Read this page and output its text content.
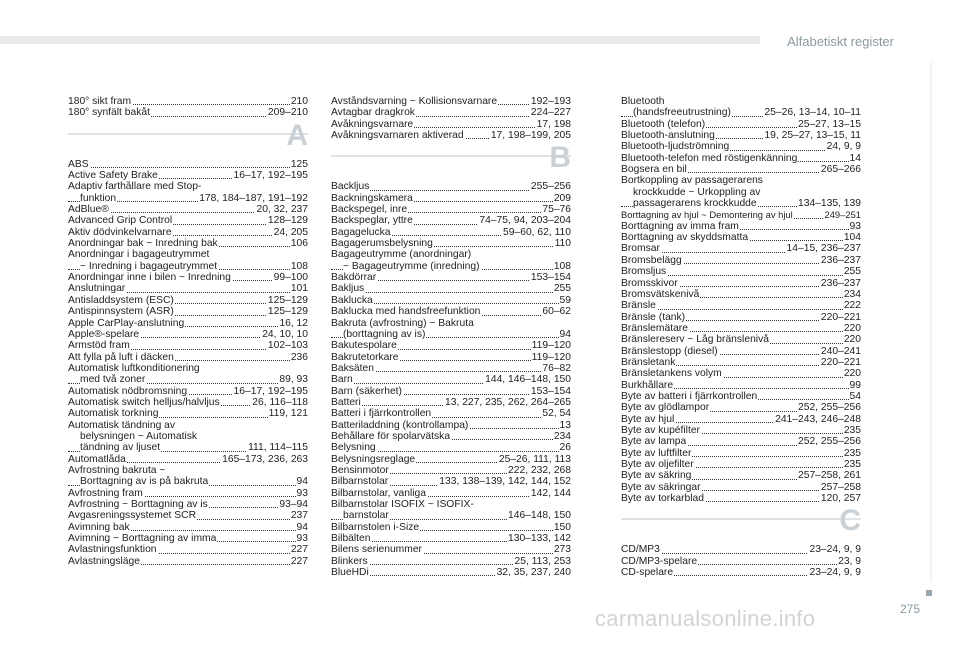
Alfabetiskt register
180° sikt fram	210
180° synfält bakåt	209–210
A
ABS	125
Active Safety Brake	16–17, 192–195
Adaptiv farthållare med Stop-
funktion	178, 184–187, 191–192
AdBlue®	20, 32, 237
Advanced Grip Control	128–129
Aktiv dödvinkelvarnare	24, 205
Anordningar bak ~ Inredning bak	106
Anordningar i bagageutrymmet
~ Inredning i bagageutrymmet	108
Anordningar inne i bilen ~ Inredning	99–100
Anslutningar	101
Antisladdsystem (ESC)	125–129
Antispinnsystem (ASR)	125–129
Apple CarPlay-anslutning	16, 12
Apple®-spelare	24, 10, 10
Armstöd fram	102–103
Att fylla på luft i däcken	236
Automatisk luftkonditionering
med två zoner	89, 93
Automatisk nödbromsning	16–17, 192–195
Automatisk switch helljus/halvljus	26, 116–118
Automatisk torkning	119, 121
Automatisk tändning av
belysningen ~ Automatisk
tändning av ljuset	111, 114–115
Automatlåda	165–173, 236, 263
Avfrostning bakruta ~
Borttagning av is på bakruta	94
Avfrostning fram	93
Avfrostning ~ Borttagning av is	93–94
Avgasreningssystemet SCR	237
Avimning bak	94
Avimning ~ Borttagning av imma	93
Avlastningsfunktion	227
Avlastningsläge	227
Avståndsvarning ~ Kollisionsvarnare	192–193
Avtagbar dragkrok	224–227
Avåkningsvarnare	17, 198
Avåkningsvarnaren aktiverad	17, 198–199, 205
B
Backljus	255–256
Backningskamera	209
Backspegel, inre	75–76
Backspeglar, yttre	74–75, 94, 203–204
Bagagelucka	59–60, 62, 110
Bagagerumsbelysning	110
Bagageutrymme (anordningar)
~ Bagageutrymme (inredning)	108
Bakdörrar	153–154
Bakljus	255
Baklucka	59
Baklucka med handsfreefunktion	60–62
Bakruta (avfrostning) ~ Bakruta
(borttagning av is)	94
Bakutespolare	119–120
Bakrutetorkare	119–120
Baksäten	76–82
Barn	144, 146–148, 150
Barn (säkerhet)	153–154
Batteri	13, 227, 235, 262, 264–265
Batteri i fjärrkontrollen	52, 54
Batteriladdning (kontrollampa)	13
Behållare för spolarvätska	234
Belysning	26
Belysningsreglage	25–26, 111, 113
Bensinmotor	222, 232, 268
Bilbarnstolar	133, 138–139, 142, 144, 152
Bilbarnstolar, vanliga	142, 144
Bilbarnstolar ISOFIX ~ ISOFIX-
barnstolar	146–148, 150
Bilbarnstolen i-Size	150
Bilbälten	130–133, 142
Bilens serienummer	273
Blinkers	25, 113, 253
BlueHDi	32, 35, 237, 240
Bluetooth
(handsfreeutrustning)	25–26, 13–14, 10–11
Bluetooth (telefon)	25–27, 13–15
Bluetooth-anslutning	19, 25–27, 13–15, 11
Bluetooth-ljudströmning	24, 9, 9
Bluetooth-telefon med röstigenkänning	14
Bogsera en bil	265–266
Bortkoppling av passagerarens
krockkudde ~ Urkoppling av
passagerarens krockkudde	134–135, 139
Borttagning av hjul ~ Demontering av hjul	249–251
Borttagning av imma fram	93
Borttagning av skyddsmatta	104
Bromsar	14–15, 236–237
Bromsbelägg	236–237
Bromsljus	255
Bromsskivor	236–237
Bromsvätskenivå	234
Bränsle	222
Bränsle (tank)	220–221
Bränslemätare	220
Bränslereserv ~ Låg bränslenivå	220
Bränslestopp (diesel)	240–241
Bränsletank	220–221
Bränsletankens volym	220
Burkhållare	99
Byte av batteri i fjärrkontrollen	54
Byte av glödlampor	252, 255–256
Byte av hjul	241–243, 246–248
Byte av kupéfilter	235
Byte av lampa	252, 255–256
Byte av luftfilter	235
Byte av oljefilter	235
Byte av säkring	257–258, 261
Byte av säkringar	257–258
Byte av torkarblad	120, 257
C
CD/MP3	23–24, 9, 9
CD/MP3-spelare	23, 9
CD-spelare	23–24, 9, 9
carmanualsonline.info	275
